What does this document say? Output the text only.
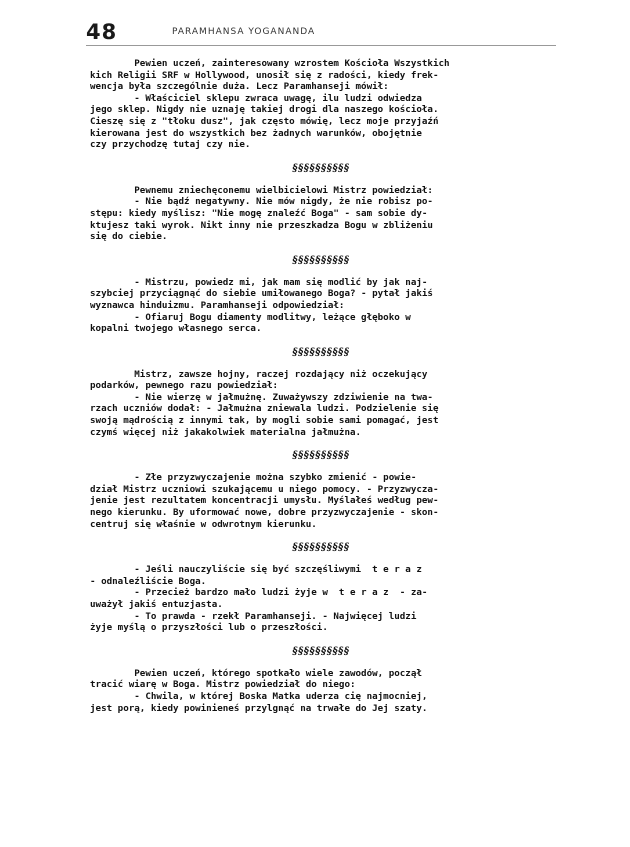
48	PARAMHANSA YOGANANDA
Pewien uczeń, zainteresowany wzrostem Kościoła Wszystkich
kich Religii SRF w Hollywood, unosił się z radości, kiedy frek-
wencja była szczególnie duża. Lecz Paramhanseji mówił:
- Właściciel sklepu zwraca uwagę, ilu ludzi odwiedza
jego sklep. Nigdy nie uznaję takiej drogi dla naszego kościoła.
Cieszę się z "tłoku dusz", jak często mówię, lecz moje przyjaźń
kierowana jest do wszystkich bez żadnych warunków, obojętnie
czy przychodzę tutaj czy nie.
§§§§§§§§§§
Pewnemu zniechęconemu wielbicielowi Mistrz powiedział:
- Nie bądź negatywny. Nie mów nigdy, że nie robisz po-
stępu: kiedy myślisz: "Nie mogę znaleźć Boga" - sam sobie dy-
ktujesz taki wyrok. Nikt inny nie przeszkadza Bogu w zbliżeniu
się do ciebie.
§§§§§§§§§§
- Mistrzu, powiedz mi, jak mam się modlić by jak naj-
szybciej przyciągnąć do siebie umiłowanego Boga? - pytał jakiś
wyznawca hinduizmu. Paramhanseji odpowiedział:
- Ofiaruj Bogu diamenty modlitwy, leżące głęboko w
kopalni twojego własnego serca.
§§§§§§§§§§
Mistrz, zawsze hojny, raczej rozdający niż oczekujący
podarków, pewnego razu powiedział:
- Nie wierzę w jałmużnę. Zuważywszy zdziwienie na twa-
rzach uczniów dodał: - Jałmużna zniewala ludzi. Podzielenie się
swoją mądrością z innymi tak, by mogli sobie sami pomagać, jest
czymś więcej niż jakakolwiek materialna jałmużna.
§§§§§§§§§§
- Złe przyzwyczajenie można szybko zmienić - powie-
dział Mistrz uczniowi szukającemu u niego pomocy. - Przyzwycza-
jenie jest rezultatem koncentracji umysłu. Myślałeś według pew-
nego kierunku. By uformować nowe, dobre przyzwyczajenie - skon-
centruj się właśnie w odwrotnym kierunku.
§§§§§§§§§§
- Jeśli nauczyliście się być szczęśliwymi  t e r a z
- odnaleźliście Boga.
- Przecież bardzo mało ludzi żyje w  t e r a z  - za-
uważył jakiś entuzjasta.
- To prawda - rzekł Paramhanseji. - Najwięcej ludzi
żyje myślą o przyszłości lub o przeszłości.
§§§§§§§§§§
Pewien uczeń, którego spotkało wiele zawodów, począł
tracić wiarę w Boga. Mistrz powiedział do niego:
- Chwila, w której Boska Matka uderza cię najmocniej,
jest porą, kiedy powinieneś przylgnąć na trwałe do Jej szaty.
